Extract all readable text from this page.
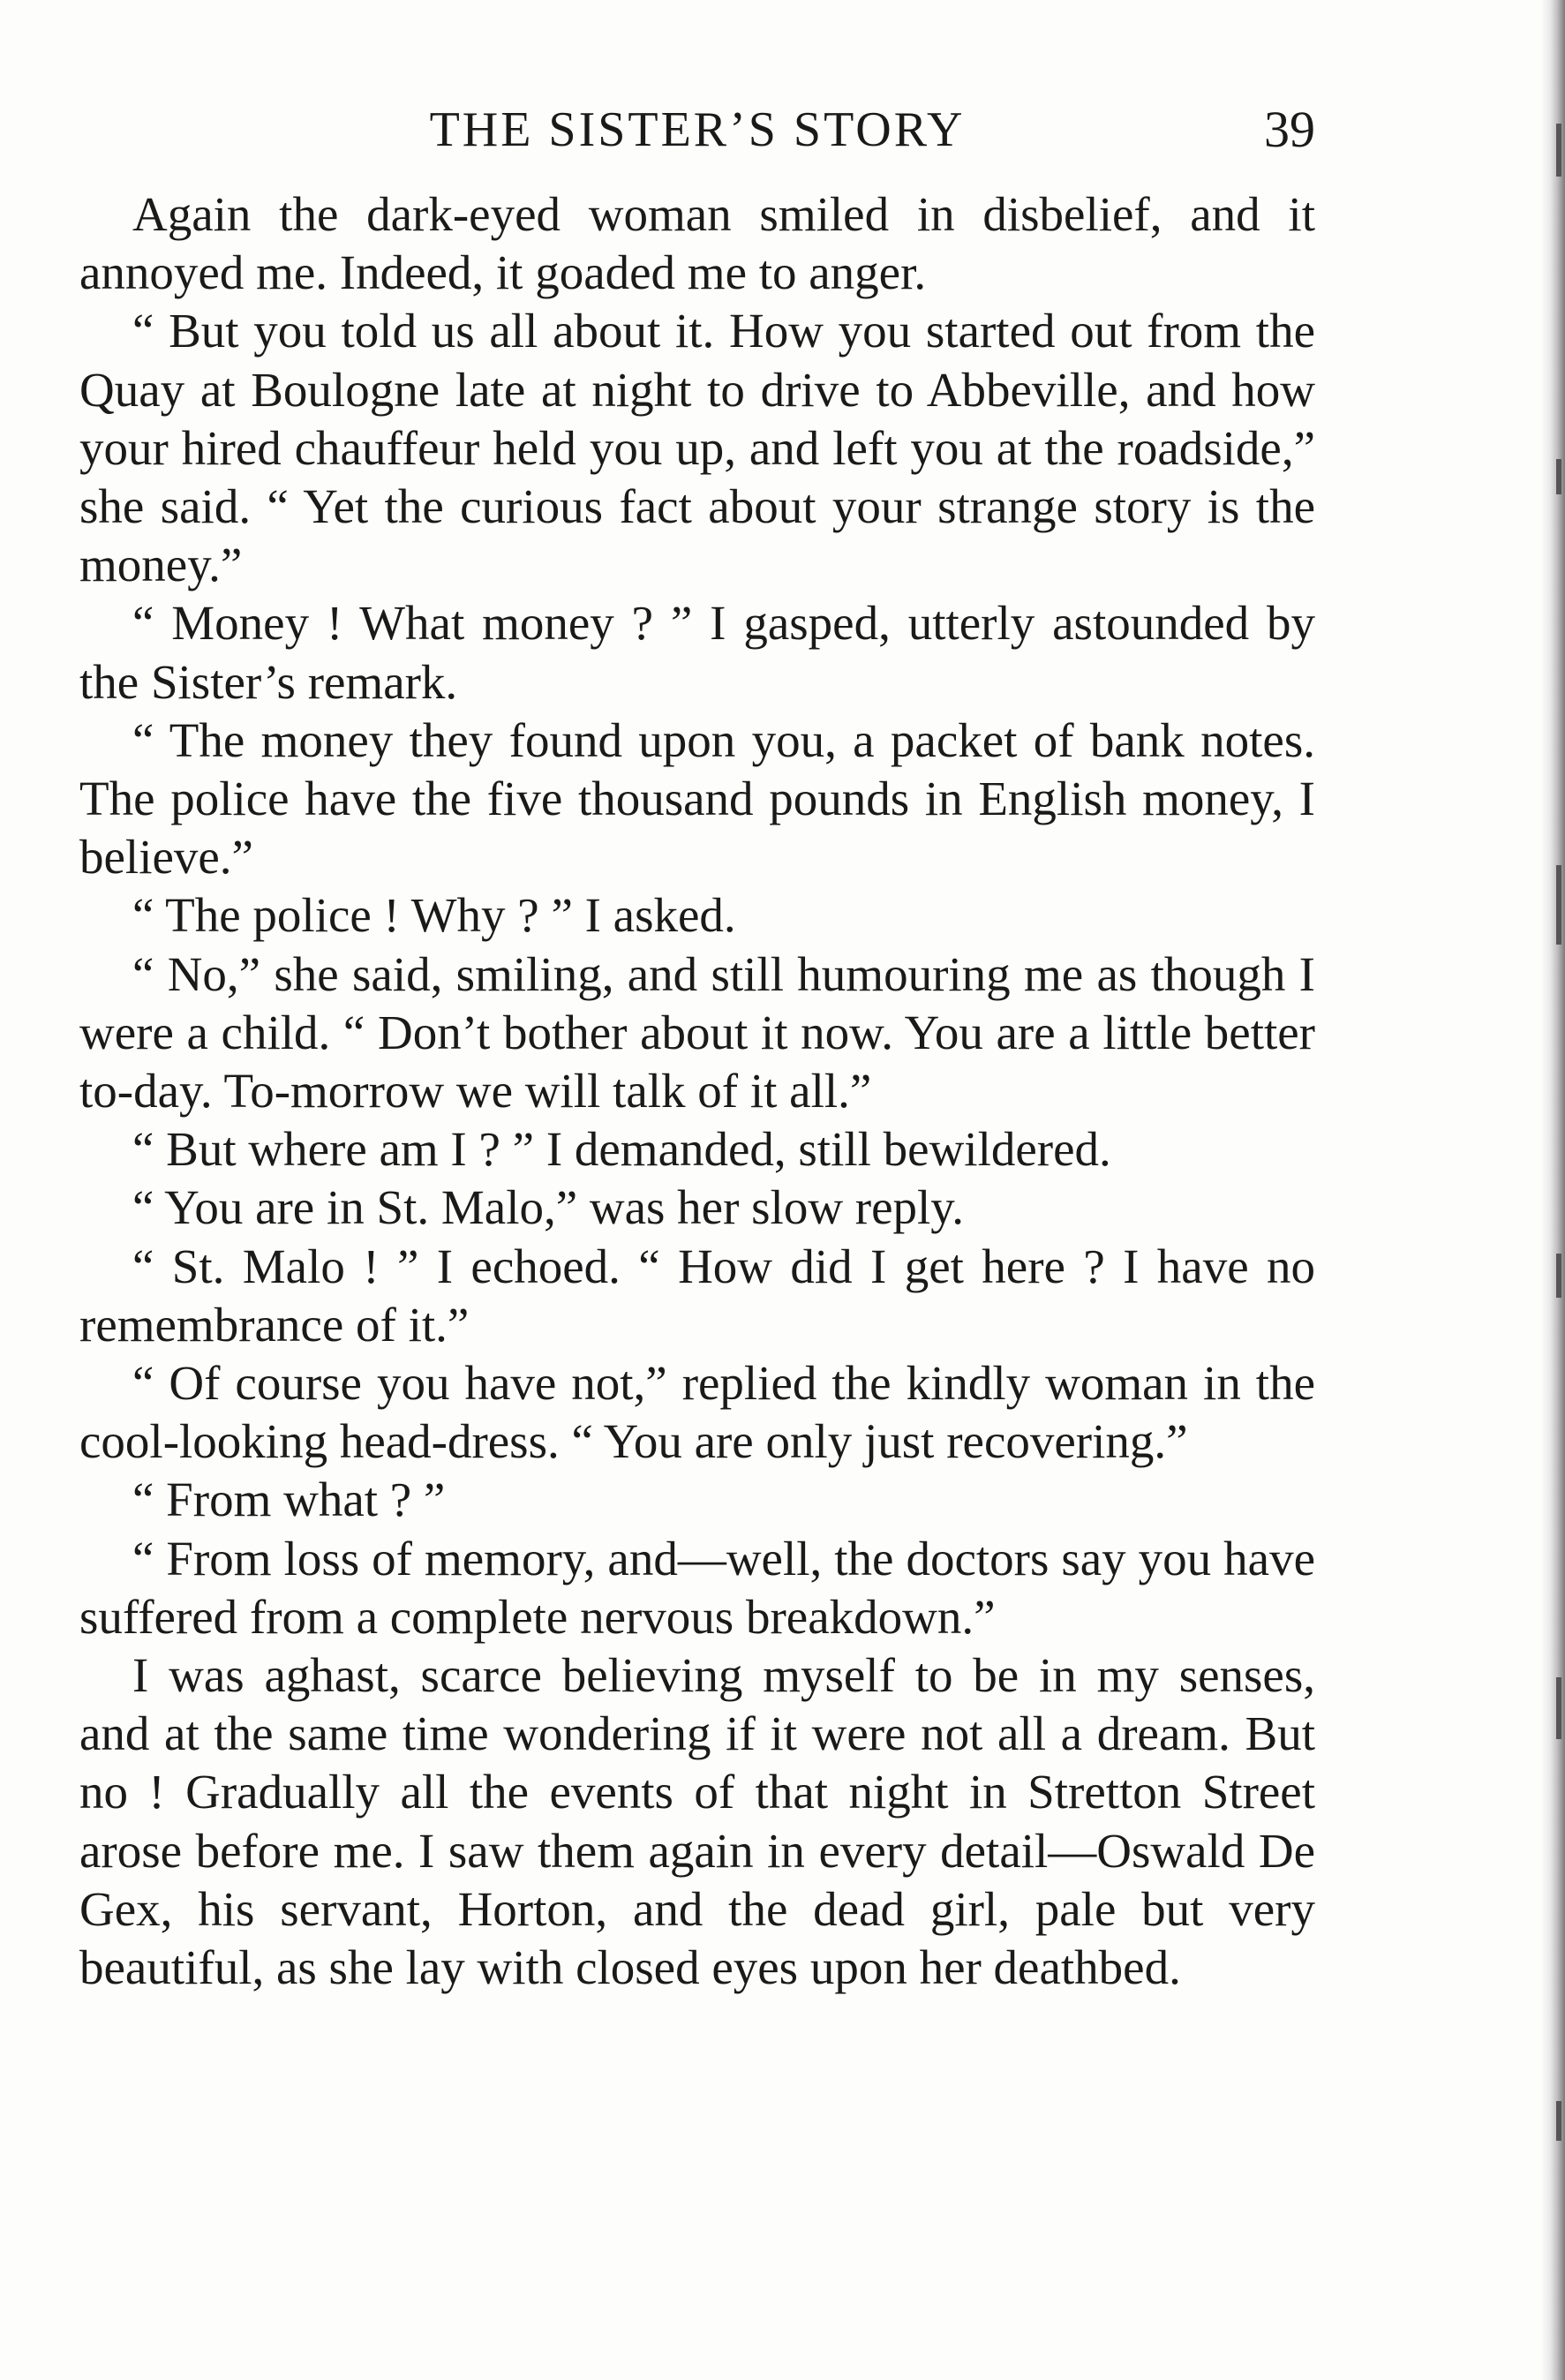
THE SISTER’S STORY	39

Again the dark-eyed woman smiled in disbelief, and it annoyed me. Indeed, it goaded me to anger.

“ But you told us all about it. How you started out from the Quay at Boulogne late at night to drive to Abbeville, and how your hired chauffeur held you up, and left you at the roadside,” she said. “ Yet the curious fact about your strange story is the money.”

“ Money ! What money ? ” I gasped, utterly astounded by the Sister’s remark.

“ The money they found upon you, a packet of bank notes. The police have the five thousand pounds in English money, I believe.”

“ The police ! Why ? ” I asked.

“ No,” she said, smiling, and still humouring me as though I were a child. “ Don’t bother about it now. You are a little better to-day. To-morrow we will talk of it all.”

“ But where am I ? ” I demanded, still bewildered.

“ You are in St. Malo,” was her slow reply.

“ St. Malo ! ” I echoed. “ How did I get here ? I have no remembrance of it.”

“ Of course you have not,” replied the kindly woman in the cool-looking head-dress. “ You are only just recovering.”

“ From what ? ”

“ From loss of memory, and—well, the doctors say you have suffered from a complete nervous breakdown.”

I was aghast, scarce believing myself to be in my senses, and at the same time wondering if it were not all a dream. But no ! Gradually all the events of that night in Stretton Street arose before me. I saw them again in every detail—Oswald De Gex, his servant, Horton, and the dead girl, pale but very beautiful, as she lay with closed eyes upon her deathbed.
